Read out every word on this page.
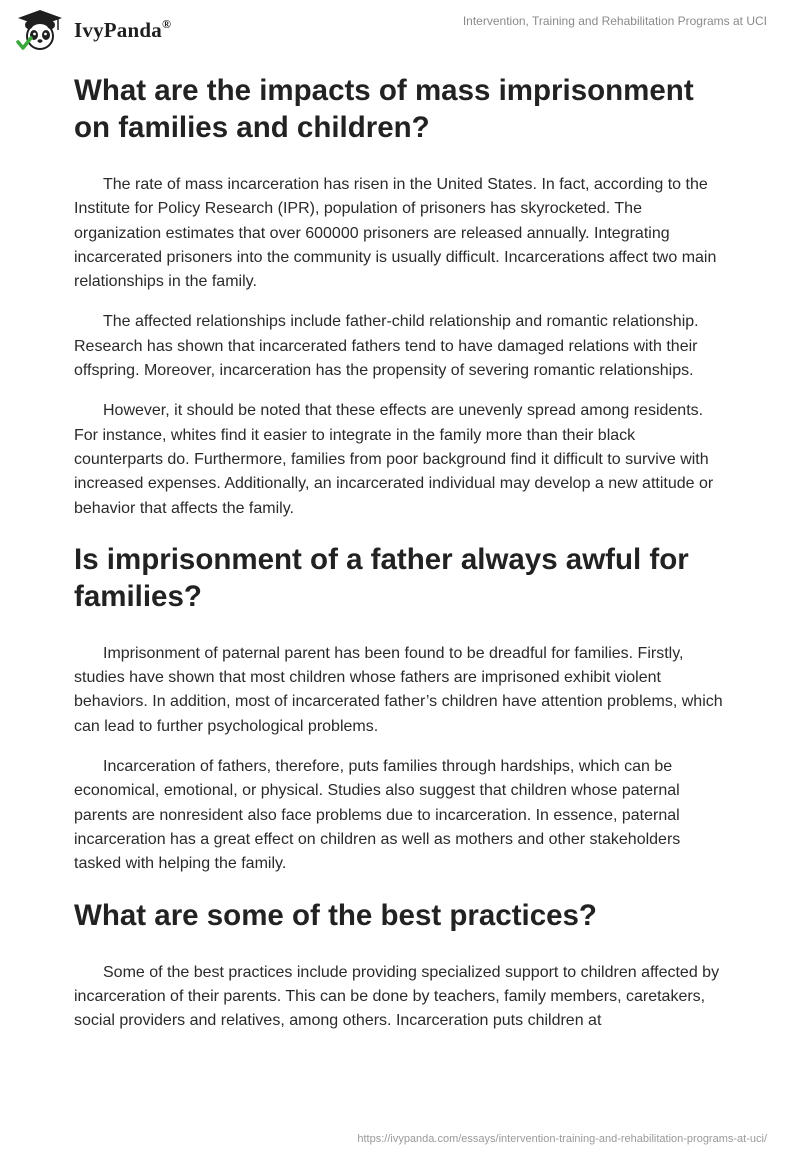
IvyPanda®	Intervention, Training and Rehabilitation Programs at UCI
What are the impacts of mass imprisonment on families and children?

The rate of mass incarceration has risen in the United States. In fact, according to the Institute for Policy Research (IPR), population of prisoners has skyrocketed. The organization estimates that over 600000 prisoners are released annually. Integrating incarcerated prisoners into the community is usually difficult. Incarcerations affect two main relationships in the family.

The affected relationships include father-child relationship and romantic relationship. Research has shown that incarcerated fathers tend to have damaged relations with their offspring. Moreover, incarceration has the propensity of severing romantic relationships.

However, it should be noted that these effects are unevenly spread among residents. For instance, whites find it easier to integrate in the family more than their black counterparts do. Furthermore, families from poor background find it difficult to survive with increased expenses. Additionally, an incarcerated individual may develop a new attitude or behavior that affects the family.

Is imprisonment of a father always awful for families?

Imprisonment of paternal parent has been found to be dreadful for families. Firstly, studies have shown that most children whose fathers are imprisoned exhibit violent behaviors. In addition, most of incarcerated father’s children have attention problems, which can lead to further psychological problems.

Incarceration of fathers, therefore, puts families through hardships, which can be economical, emotional, or physical. Studies also suggest that children whose paternal parents are nonresident also face problems due to incarceration. In essence, paternal incarceration has a great effect on children as well as mothers and other stakeholders tasked with helping the family.

What are some of the best practices?

Some of the best practices include providing specialized support to children affected by incarceration of their parents. This can be done by teachers, family members, caretakers, social providers and relatives, among others. Incarceration puts children at

https://ivypanda.com/essays/intervention-training-and-rehabilitation-programs-at-uci/
